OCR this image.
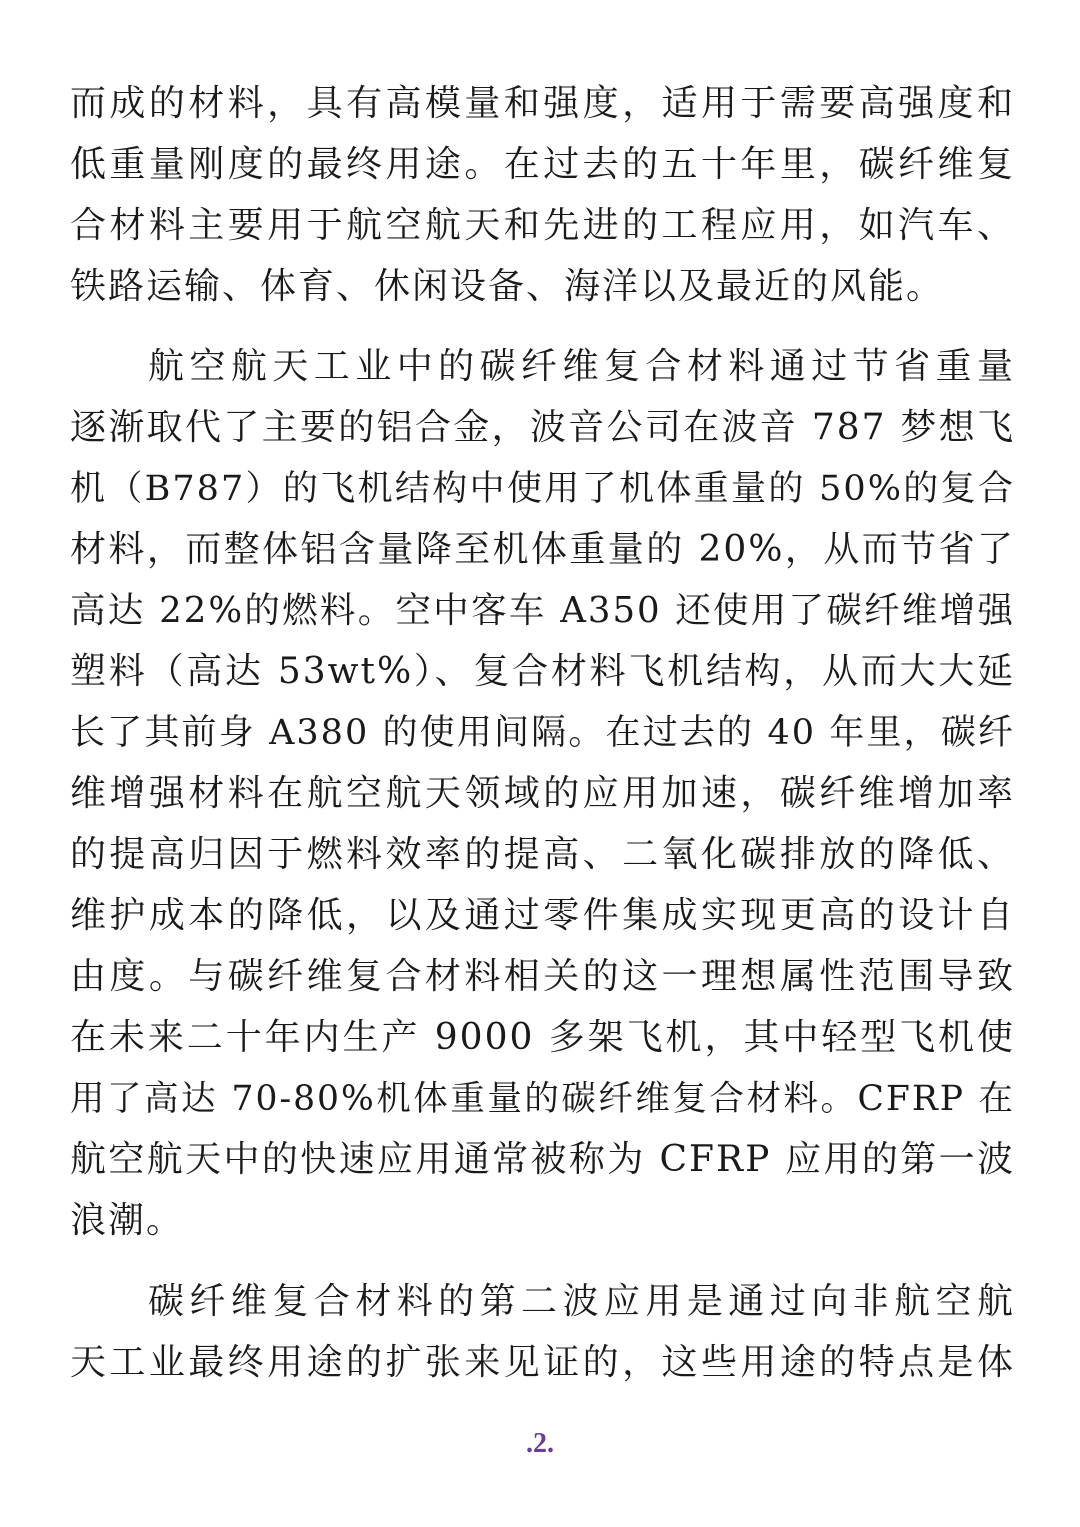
而成的材料，具有高模量和强度，适用于需要高强度和
低重量刚度的最终用途。在过去的五十年里，碳纤维复
合材料主要用于航空航天和先进的工程应用，如汽车、
铁路运输、体育、休闲设备、海洋以及最近的风能。
航空航天工业中的碳纤维复合材料通过节省重量
逐渐取代了主要的铝合金，波音公司在波音 787 梦想飞
机（B787）的飞机结构中使用了机体重量的 50%的复合
材料，而整体铝含量降至机体重量的 20%，从而节省了
高达 22%的燃料。空中客车 A350 还使用了碳纤维增强
塑料（高达 53wt%）、复合材料飞机结构，从而大大延
长了其前身 A380 的使用间隔。在过去的 40 年里，碳纤
维增强材料在航空航天领域的应用加速，碳纤维增加率
的提高归因于燃料效率的提高、二氧化碳排放的降低、
维护成本的降低，以及通过零件集成实现更高的设计自
由度。与碳纤维复合材料相关的这一理想属性范围导致
在未来二十年内生产 9000 多架飞机，其中轻型飞机使
用了高达 70-80%机体重量的碳纤维复合材料。CFRP 在
航空航天中的快速应用通常被称为 CFRP 应用的第一波
浪潮。
碳纤维复合材料的第二波应用是通过向非航空航
天工业最终用途的扩张来见证的，这些用途的特点是体
.2.
